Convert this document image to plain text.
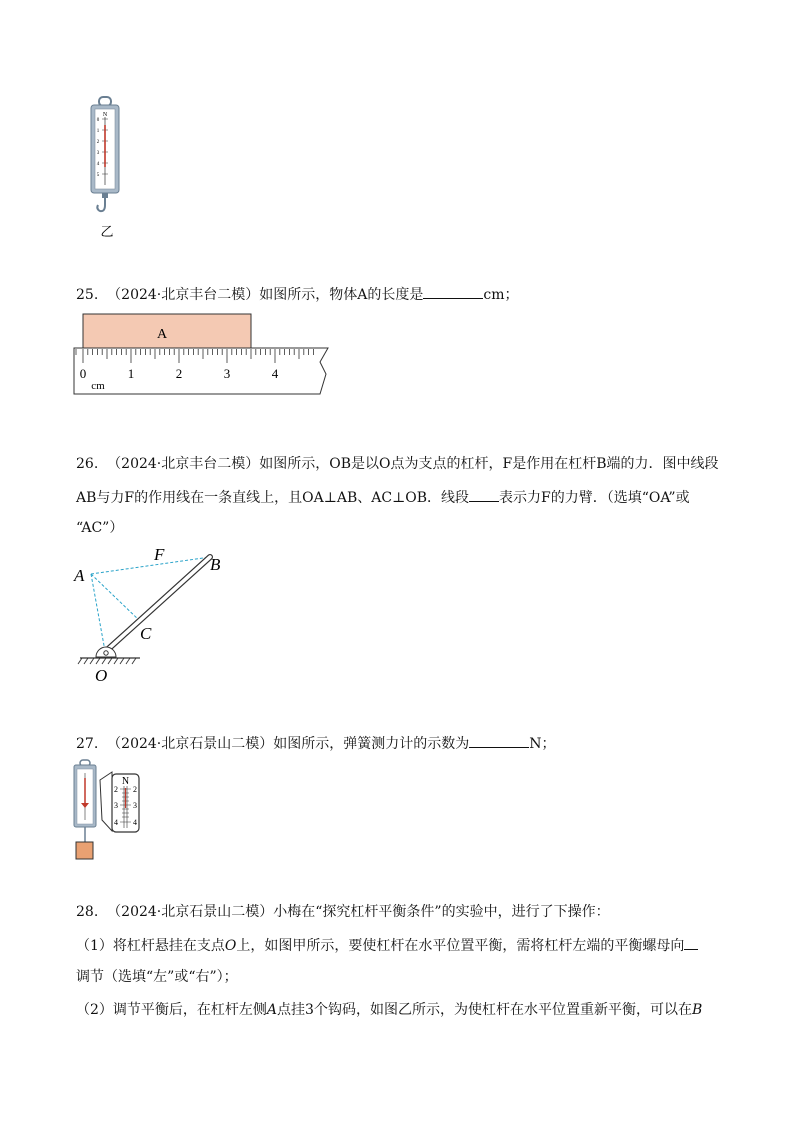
N
0
1
2
3
4
5
乙
25. （2024·北京丰台二模）如图所示，物体A的长度是	cm；
A
0	1	2	3	4
cm
26. （2024·北京丰台二模）如图所示，OB是以O点为支点的杠杆，F是作用在杠杆B端的力．图中线段
AB与力F的作用线在一条直线上，且OA⊥AB、AC⊥OB．线段 表示力F的力臂．（选填“OA”或
“AC”）
F
A
B
C
O
27. （2024·北京石景山二模）如图所示，弹簧测力计的示数为	N；
N
2
3
4
2
3
4
28. （2024·北京石景山二模）小梅在“探究杠杆平衡条件”的实验中，进行了下操作：
（1）将杠杆悬挂在支点O上，如图甲所示，要使杠杆在水平位置平衡，需将杠杆左端的平衡螺母向
调节（选填“左”或“右”）；
（2）调节平衡后，在杠杆左侧A点挂3个钩码，如图乙所示，为使杠杆在水平位置重新平衡，可以在B
